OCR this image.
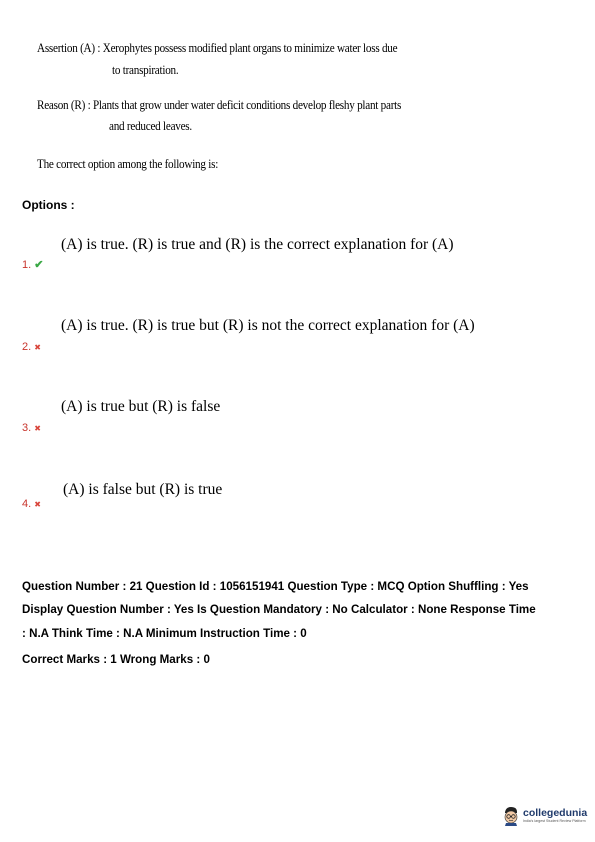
Assertion (A) : Xerophytes possess modified plant organs to minimize water loss due
to transpiration.
Reason (R) : Plants that grow under water deficit conditions develop fleshy plant parts
and reduced leaves.
The correct option among the following is:
Options :
(A) is true. (R) is true and (R) is the correct explanation for (A)
1. ✔
(A) is true. (R) is true but (R) is not the correct explanation for (A)
2. ✖
(A) is true but (R) is false
3. ✖
(A) is false but (R) is true
4. ✖
Question Number : 21 Question Id : 1056151941 Question Type : MCQ Option Shuffling : Yes
Display Question Number : Yes Is Question Mandatory : No Calculator : None Response Time
: N.A Think Time : N.A Minimum Instruction Time : 0
Correct Marks : 1 Wrong Marks : 0
collegedunia
India's largest Student Review Platform
